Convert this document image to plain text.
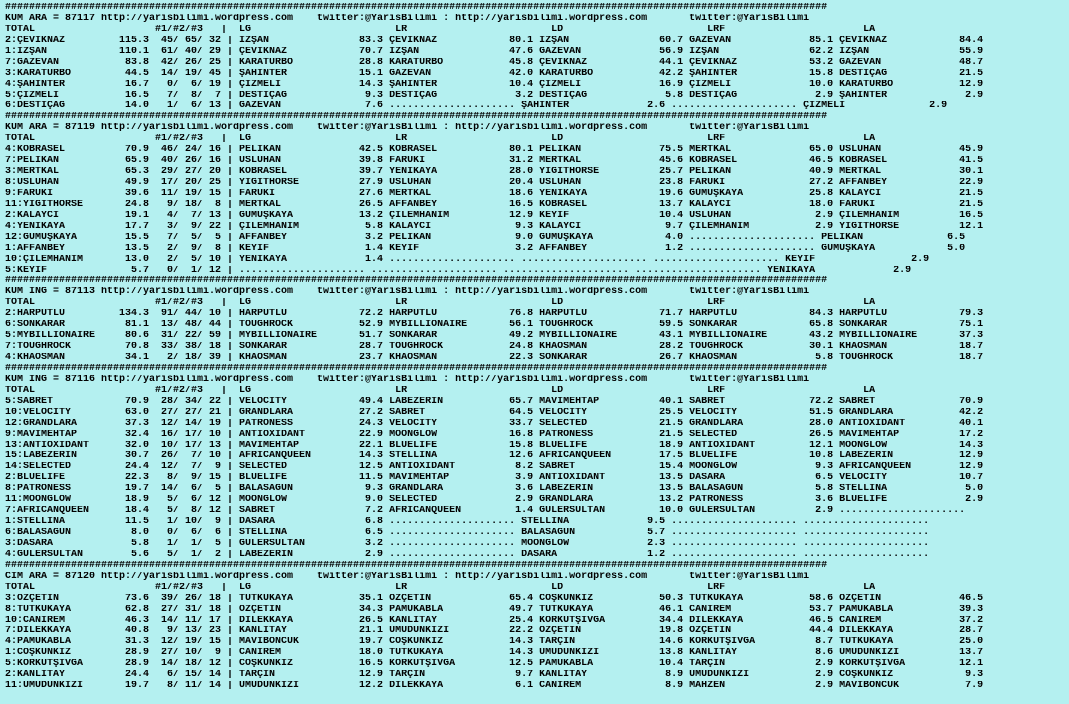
#########################################################################################################################################
KUM ARA = 87117 http://yarisbilimi.wordpress.com    twitter:@YarisBilimi : http://yarisbilimi.wordpress.com       twitter:@YarisBilimi
TOTAL                    #1/#2/#3   |  LG                        LR                        LD                        LRF                       LA
2:ÇEVİKNAZ         115.3  45/ 65/ 32 | İZŞAN               83.3 ÇEVİKNAZ            80.1 İZŞAN               60.7 GAZEVAN             85.1 ÇEVİKNAZ            84.4
1:İZŞAN            110.1  61/ 40/ 29 | ÇEVİKNAZ            70.7 İZŞAN               47.6 GAZEVAN             56.9 İZŞAN               62.2 İZŞAN               55.9
7:GAZEVAN           83.8  42/ 26/ 25 | KARATURBO           28.8 KARATURBO           45.8 ÇEVİKNAZ            44.1 ÇEVİKNAZ            53.2 GAZEVAN             48.7
3:KARATURBO         44.5  14/ 19/ 45 | ŞAHİNTER            15.1 GAZEVAN             42.0 KARATURBO           42.2 ŞAHİNTER            15.8 DESTİÇAĞ            21.5
4:ŞAHİNTER          16.7   0/  6/ 19 | ÇİZMELİ             14.3 ŞAHİNTER            10.4 ÇİZMELİ             16.9 ÇİZMELİ             10.0 KARATURBO           12.9
5:ÇİZMELİ           16.5   7/  8/  7 | DESTİÇAĞ             9.3 DESTİÇAĞ             3.2 DESTİÇAĞ             5.8 DESTİÇAĞ             2.9 ŞAHİNTER             2.9
6:DESTİÇAĞ          14.0   1/  6/ 13 | GAZEVAN              7.6 ..................... ŞAHİNTER             2.6 ..................... ÇİZMELİ              2.9
#########################################################################################################################################
KUM ARA = 87119 http://yarisbilimi.wordpress.com    twitter:@YarisBilimi : http://yarisbilimi.wordpress.com       twitter:@YarisBilimi
TOTAL                    #1/#2/#3   |  LG                        LR                        LD                        LRF                       LA
4:KOBRASEL          70.9  46/ 24/ 16 | PELİKAN             42.5 KOBRASEL            80.1 PELİKAN             75.5 MERTKAL             65.0 USLUHAN             45.9
7:PELİKAN           65.9  40/ 26/ 16 | USLUHAN             39.8 FARUKİ              31.2 MERTKAL             45.6 KOBRASEL            46.5 KOBRASEL            41.5
3:MERTKAL           65.3  29/ 27/ 20 | KOBRASEL            39.7 YENİKAYA            28.0 YİĞİTHORSE          25.7 PELİKAN             40.9 MERTKAL             30.1
8:USLUHAN           49.9  17/ 20/ 25 | YİĞİTHORSE          27.9 USLUHAN             20.4 USLUHAN             23.8 FARUKİ              27.2 AFFANBEY            22.9
9:FARUKİ            39.6  11/ 19/ 15 | FARUKİ              27.6 MERTKAL             18.6 YENİKAYA            19.6 GÜMÜŞKAYA           25.8 KALAYCI             21.5
11:YİĞİTHORSE       24.8   9/ 18/  8 | MERTKAL             26.5 AFFANBEY            16.5 KOBRASEL            13.7 KALAYCI             18.0 FARUKİ              21.5
2:KALAYCI           19.1   4/  7/ 13 | GÜMÜŞKAYA           13.2 ÇİLEMHANIM          12.9 KEYİF               10.4 USLUHAN              2.9 ÇİLEMHANIM          16.5
4:YENİKAYA          17.7   3/  9/ 22 | ÇİLEMHANIM           5.8 KALAYCI              9.3 KALAYCI              9.7 ÇİLEMHANIM           2.9 YİĞİTHORSE          12.1
12:GÜMÜŞKAYA        15.5   7/  5/  5 | AFFANBEY             3.2 PELİKAN              9.0 GÜMÜŞKAYA            4.0 ..................... PELİKAN              6.5
1:AFFANBEY          13.5   2/  9/  8 | KEYİF                1.4 KEYİF                3.2 AFFANBEY             1.2 ..................... GÜMÜŞKAYA            5.0
10:ÇİLEMHANIM       13.0   2/  5/ 10 | YENİKAYA             1.4 ..................... ..................... ..................... KEYİF                2.9
5:KEYİF              5.7   0/  1/ 12 | ..................... ..................... ..................... ..................... YENİKAYA             2.9
#########################################################################################################################################
KUM ING = 87113 http://yarisbilimi.wordpress.com    twitter:@YarisBilimi : http://yarisbilimi.wordpress.com       twitter:@YarisBilimi
TOTAL                    #1/#2/#3   |  LG                        LR                        LD                        LRF                       LA
2:HARPUTLU         134.3  91/ 44/ 10 | HARPUTLU            72.2 HARPUTLU            76.8 HARPUTLU            71.7 HARPUTLU            84.3 HARPUTLU            79.3
6:SONKARAR          81.1  13/ 48/ 44 | TOUGHROCK           52.9 MYBILLIONAIRE       56.1 TOUGHROCK           59.5 SONKARAR            65.8 SONKARAR            75.1
5:MYBILLIONAIRE     80.6  31/ 22/ 59 | MYBILLIONAIRE       51.7 SONKARAR            49.2 MYBILLIONAIRE       43.1 MYBILLIONAIRE       43.2 MYBILLIONAIRE       37.3
7:TOUGHROCK         70.8  33/ 38/ 18 | SONKARAR            28.7 TOUGHROCK           24.8 KHAOSMAN            28.2 TOUGHROCK           30.1 KHAOSMAN            18.7
4:KHAOSMAN          34.1   2/ 18/ 39 | KHAOSMAN            23.7 KHAOSMAN            22.3 SONKARAR            26.7 KHAOSMAN             5.8 TOUGHROCK           18.7
#########################################################################################################################################
KUM ING = 87116 http://yarisbilimi.wordpress.com    twitter:@YarisBilimi : http://yarisbilimi.wordpress.com       twitter:@YarisBilimi
TOTAL                    #1/#2/#3   |  LG                        LR                        LD                        LRF                       LA
5:SABRET            70.9  28/ 34/ 22 | VELOCITY            49.4 LABEZERIN           65.7 MAVİMEHTAP          40.1 SABRET              72.2 SABRET              70.9
10:VELOCITY         63.0  27/ 27/ 21 | GRANDLARA           27.2 SABRET              64.5 VELOCITY            25.5 VELOCITY            51.5 GRANDLARA           42.2
12:GRANDLARA        37.3  12/ 14/ 19 | PATRONESS           24.3 VELOCITY            33.7 SELECTED            21.5 GRANDLARA           28.0 ANTIOXIDANT         40.1
9:MAVİMEHTAP        32.4  16/ 17/ 10 | ANTIOXIDANT         22.9 MOONGLOW            16.8 PATRONESS           21.5 SELECTED            26.5 MAVİMEHTAP          17.2
13:ANTIOXIDANT      32.0  10/ 17/ 13 | MAVİMEHTAP          22.1 BLUELIFE            15.8 BLUELIFE            18.9 ANTIOXIDANT         12.1 MOONGLOW            14.3
15:LABEZERIN        30.7  26/  7/ 10 | AFRICANQUEEN        14.3 STELLINA            12.6 AFRICANQUEEN        17.5 BLUELIFE            10.8 LABEZERIN           12.9
14:SELECTED         24.4  12/  7/  9 | SELECTED            12.5 ANTIOXIDANT          8.2 SABRET              15.4 MOONGLOW             9.3 AFRICANQUEEN        12.9
2:BLUELIFE          22.3   8/  9/ 15 | BLUELIFE            11.5 MAVİMEHTAP           3.9 ANTIOXIDANT         13.5 DASARA               6.5 VELOCITY            10.7
8:PATRONESS         19.7  14/  6/  5 | BALASAGUN            9.3 GRANDLARA            3.6 LABEZERIN           13.5 BALASAGUN            5.8 STELLINA             5.0
11:MOONGLOW         18.9   5/  6/ 12 | MOONGLOW             9.0 SELECTED             2.9 GRANDLARA           13.2 PATRONESS            3.6 BLUELIFE             2.9
7:AFRICANQUEEN      18.4   5/  8/ 12 | SABRET               7.2 AFRICANQUEEN         1.4 GÜLERSULTAN         10.0 GÜLERSULTAN          2.9 .....................
1:STELLINA          11.5   1/ 10/  9 | DASARA               6.8 ..................... STELLINA             9.5 ..................... .....................
6:BALASAGUN          8.0   0/  6/  6 | STELLINA             6.5 ..................... BALASAGUN            5.7 ..................... .....................
3:DASARA             5.8   1/  1/  5 | GÜLERSULTAN          3.2 ..................... MOONGLOW             2.3 ..................... .....................
4:GÜLERSULTAN        5.6   5/  1/  2 | LABEZERIN            2.9 ..................... DASARA               1.2 ..................... .....................
#########################################################################################################################################
CIM ARA = 87120 http://yarisbilimi.wordpress.com    twitter:@YarisBilimi : http://yarisbilimi.wordpress.com       twitter:@YarisBilimi
TOTAL                    #1/#2/#3   |  LG                        LR                        LD                        LRF                       LA
3:ÖZÇETİN           73.6  39/ 26/ 18 | TUTKUKAYA           35.1 ÖZÇETİN             65.4 COŞKUNKIZ           50.3 TUTKUKAYA           58.6 ÖZÇETİN             46.5
8:TUTKUKAYA         62.8  27/ 31/ 18 | ÖZÇETİN             34.3 PAMUKABLA           49.7 TUTKUKAYA           46.1 CANİREM             53.7 PAMUKABLA           39.3
10:CANİREM          46.3  14/ 11/ 17 | DİLEKKAYA           26.5 KANLITAY            25.4 KORKUTŞIVGA         34.4 DİLEKKAYA           46.5 CANİREM             37.2
7:DİLEKKAYA         40.8   9/ 13/ 23 | KANLITAY            21.1 UMUDUNKIZI          22.2 ÖZÇETİN             19.8 ÖZÇETİN             44.4 DİLEKKAYA           28.7
4:PAMUKABLA         31.3  12/ 19/ 15 | MAVİBONCUK          19.7 COŞKUNKIZ           14.3 TARÇIN              14.6 KORKUTŞIVGA          8.7 TUTKUKAYA           25.0
1:COŞKUNKIZ         28.9  27/ 10/  9 | CANİREM             18.0 TUTKUKAYA           14.3 UMUDUNKIZI          13.8 KANLITAY             8.6 UMUDUNKIZI          13.7
5:KORKUTŞIVGA       28.9  14/ 18/ 12 | COŞKUNKIZ           16.5 KORKUTŞIVGA         12.5 PAMUKABLA           10.4 TARÇIN               2.9 KORKUTŞIVGA         12.1
2:KANLITAY          24.4   6/ 15/ 14 | TARÇIN              12.9 TARÇIN               9.7 KANLITAY             8.9 UMUDUNKIZI           2.9 COŞKUNKIZ            9.3
11:UMUDUNKIZI       19.7   8/ 11/ 14 | UMUDUNKIZI          12.2 DİLEKKAYA            6.1 CANİREM              8.9 MAHZEN               2.9 MAVİBONCUK           7.9
